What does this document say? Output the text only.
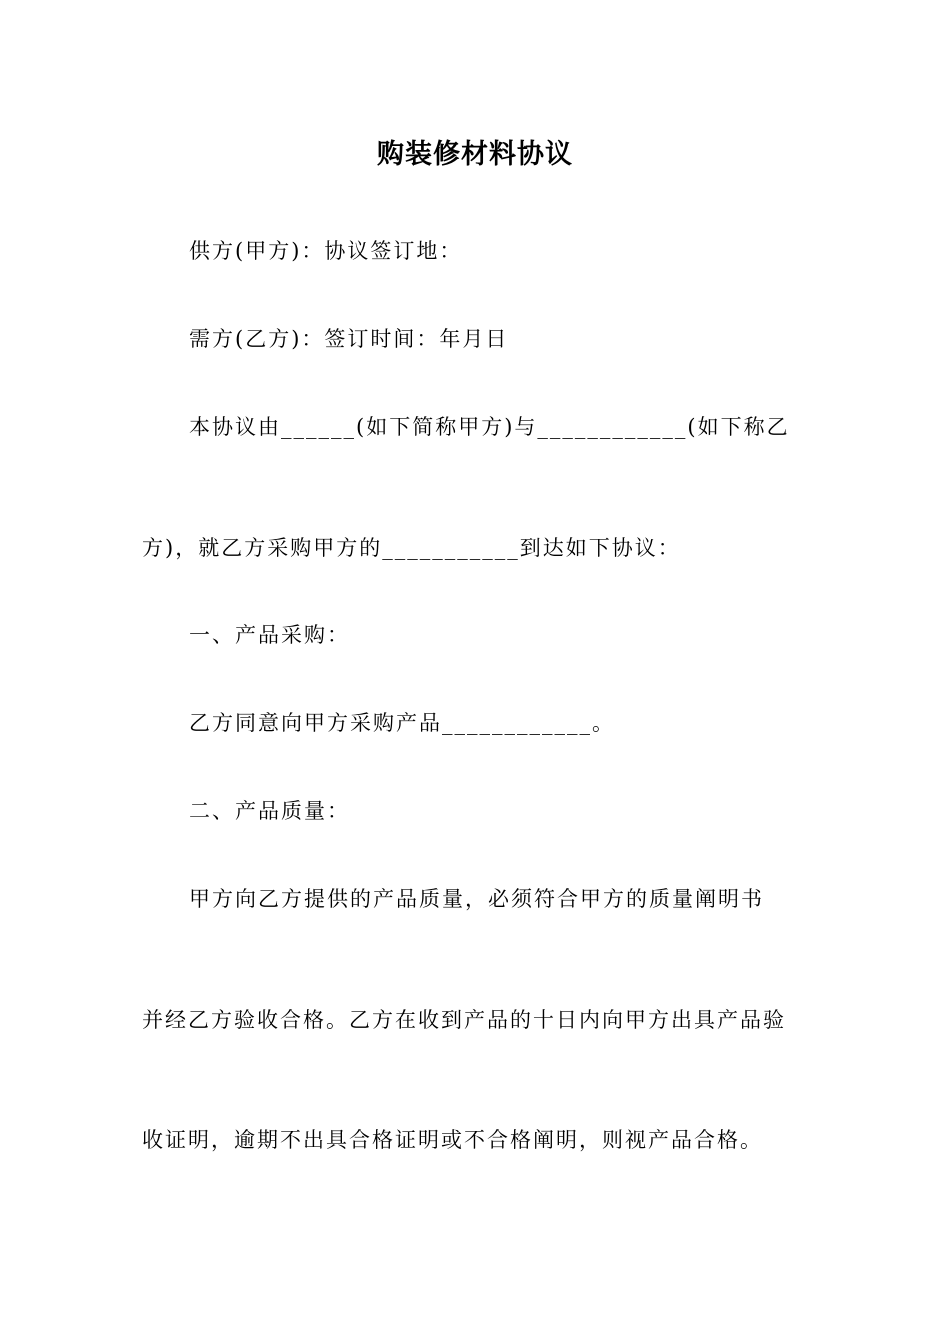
购装修材料协议
供方(甲方)：协议签订地：
需方(乙方)：签订时间：年月日
本协议由______(如下简称甲方)与____________(如下称乙
方)，就乙方采购甲方的___________到达如下协议：
一、产品采购：
乙方同意向甲方采购产品____________。
二、产品质量：
甲方向乙方提供的产品质量，必须符合甲方的质量阐明书
并经乙方验收合格。乙方在收到产品的十日内向甲方出具产品验
收证明，逾期不出具合格证明或不合格阐明，则视产品合格。
